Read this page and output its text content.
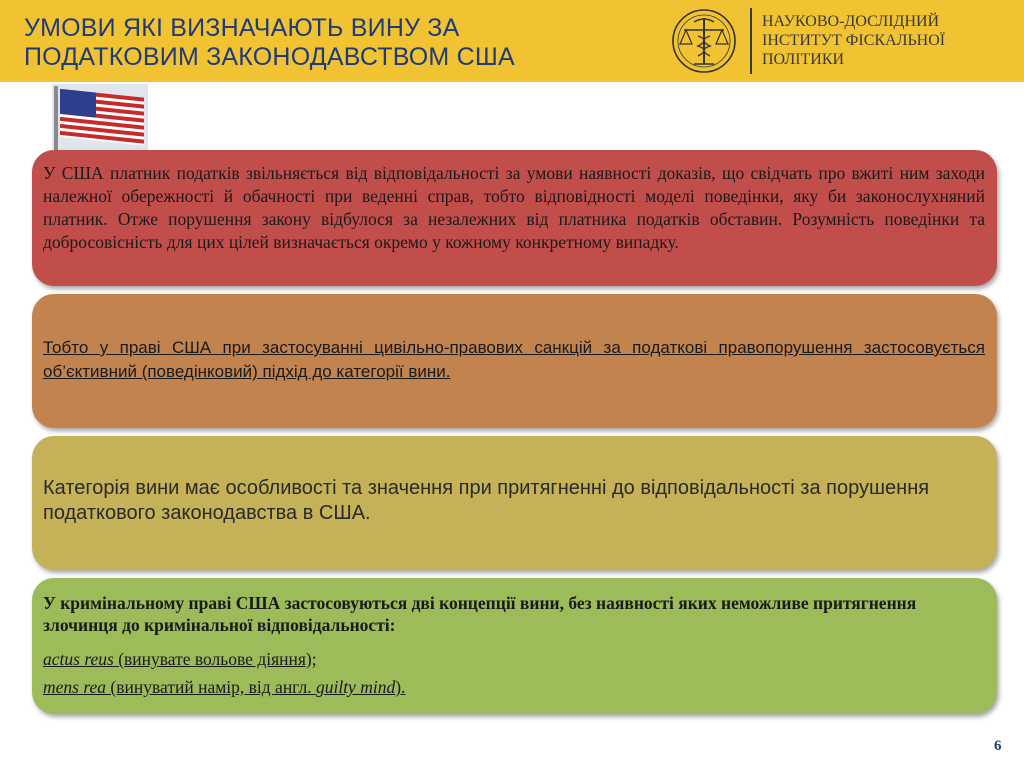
УМОВИ ЯКІ ВИЗНАЧАЮТЬ ВИНУ ЗА
ПОДАТКОВИМ ЗАКОНОДАВСТВОМ США
НАУКОВО-ДОСЛІДНИЙ
ІНСТИТУТ ФІСКАЛЬНОЇ
ПОЛІТИКИ
У США платник податків звільняється від відповідальності за умови наявності доказів, що свідчать про вжиті ним заходи належної обережності й обачності при веденні справ, тобто відповідності моделі поведінки, яку би законослухняний платник. Отже порушення закону відбулося за незалежних від платника податків обставин. Розумність поведінки та добросовісність для цих цілей визначається окремо у кожному конкретному випадку.
Тобто у праві США при застосуванні цивільно-правових санкцій за податкові правопорушення застосовується об’єктивний (поведінковий) підхід до категорії вини.
Категорія вини має особливості та значення при притягненні до відповідальності за порушення податкового законодавства в США.
У кримінальному праві США застосовуються дві концепції вини, без наявності яких неможливе притягнення злочинця до кримінальної відповідальності:
actus reus (винувате вольове діяння);
mens rea (винуватий намір, від англ. guilty mind).
6
